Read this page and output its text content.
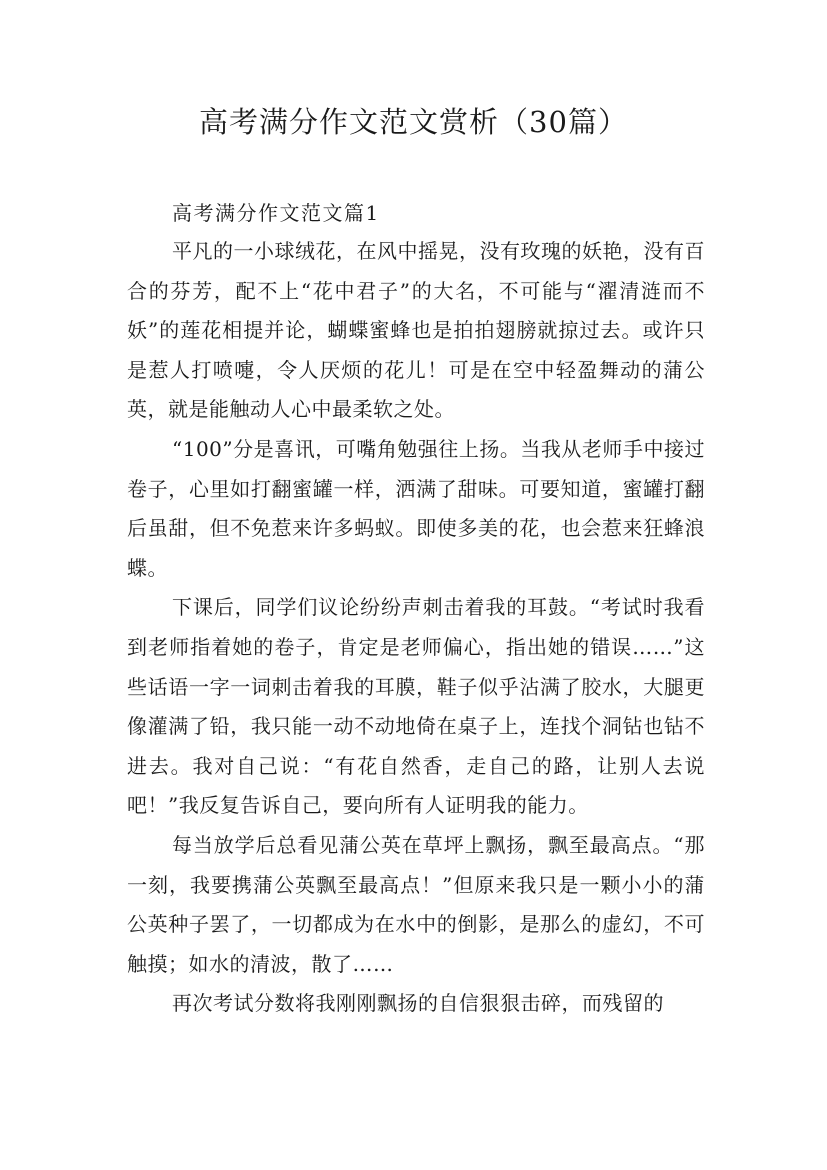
高考满分作文范文赏析（30篇）
高考满分作文范文篇1

平凡的一小球绒花，在风中摇晃，没有玫瑰的妖艳，没有百合的芬芳，配不上“花中君子”的大名，不可能与“濯清涟而不妖”的莲花相提并论，蝴蝶蜜蜂也是拍拍翅膀就掠过去。或许只是惹人打喷嚏，令人厌烦的花儿！可是在空中轻盈舞动的蒲公英，就是能触动人心中最柔软之处。

“100”分是喜讯，可嘴角勉强往上扬。当我从老师手中接过卷子，心里如打翻蜜罐一样，洒满了甜味。可要知道，蜜罐打翻后虽甜，但不免惹来许多蚂蚁。即使多美的花，也会惹来狂蜂浪蝶。

下课后，同学们议论纷纷声刺击着我的耳鼓。“考试时我看到老师指着她的卷子，肯定是老师偏心，指出她的错误……”这些话语一字一词刺击着我的耳膜，鞋子似乎沾满了胶水，大腿更像灌满了铅，我只能一动不动地倚在桌子上，连找个洞钻也钻不进去。我对自己说：“有花自然香，走自己的路，让别人去说吧！”我反复告诉自己，要向所有人证明我的能力。

每当放学后总看见蒲公英在草坪上飘扬，飘至最高点。“那一刻，我要携蒲公英飘至最高点！”但原来我只是一颗小小的蒲公英种子罢了，一切都成为在水中的倒影，是那么的虚幻，不可触摸；如水的清波，散了……

再次考试分数将我刚刚飘扬的自信狠狠击碎，而残留的
